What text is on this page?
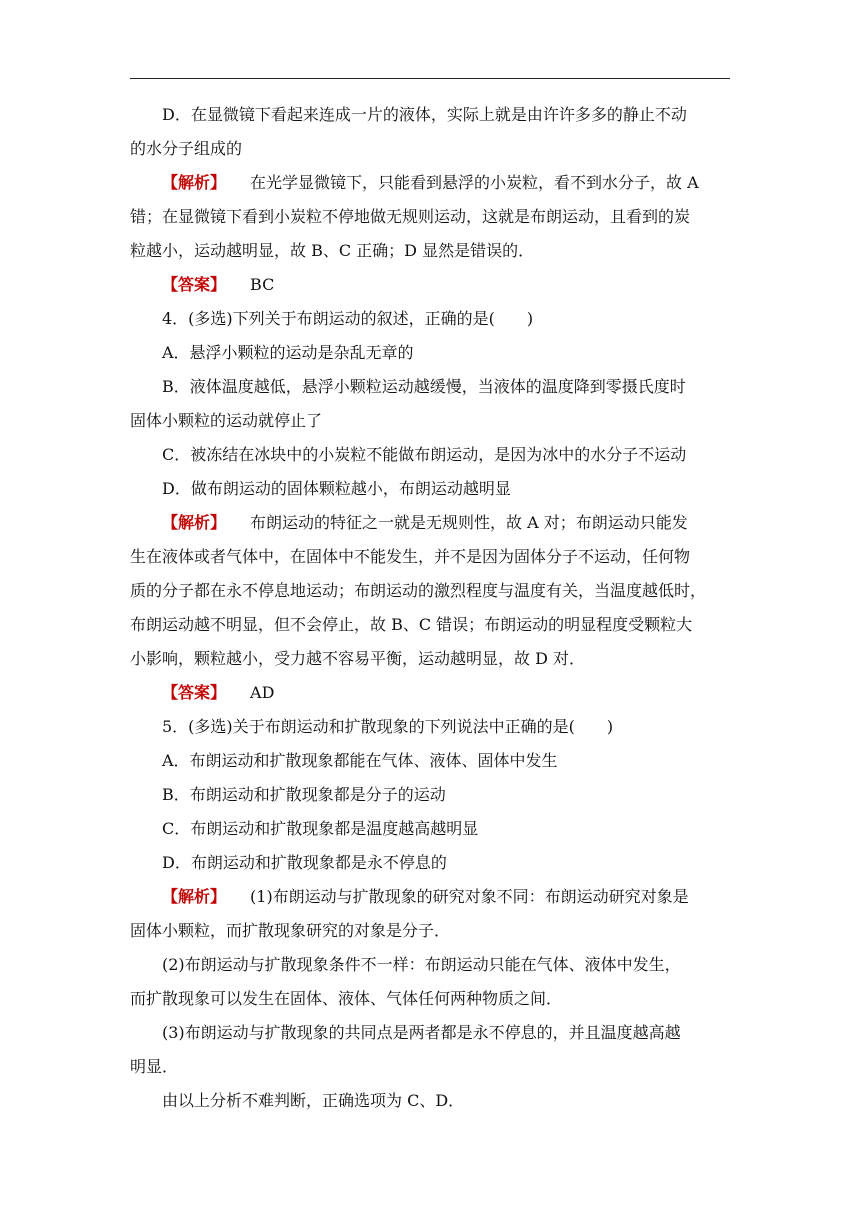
D．在显微镜下看起来连成一片的液体，实际上就是由许许多多的静止不动
的水分子组成的

【解析】 在光学显微镜下，只能看到悬浮的小炭粒，看不到水分子，故 A
错；在显微镜下看到小炭粒不停地做无规则运动，这就是布朗运动，且看到的炭
粒越小，运动越明显，故 B、C 正确；D 显然是错误的．

【答案】 BC

4．(多选)下列关于布朗运动的叙述，正确的是(　　)

A．悬浮小颗粒的运动是杂乱无章的

B．液体温度越低，悬浮小颗粒运动越缓慢，当液体的温度降到零摄氏度时
固体小颗粒的运动就停止了

C．被冻结在冰块中的小炭粒不能做布朗运动，是因为冰中的水分子不运动

D．做布朗运动的固体颗粒越小，布朗运动越明显

【解析】 布朗运动的特征之一就是无规则性，故 A 对；布朗运动只能发
生在液体或者气体中，在固体中不能发生，并不是因为固体分子不运动，任何物
质的分子都在永不停息地运动；布朗运动的激烈程度与温度有关，当温度越低时，
布朗运动越不明显，但不会停止，故 B、C 错误；布朗运动的明显程度受颗粒大
小影响，颗粒越小，受力越不容易平衡，运动越明显，故 D 对．

【答案】 AD

5．(多选)关于布朗运动和扩散现象的下列说法中正确的是(　　)

A．布朗运动和扩散现象都能在气体、液体、固体中发生

B．布朗运动和扩散现象都是分子的运动

C．布朗运动和扩散现象都是温度越高越明显

D．布朗运动和扩散现象都是永不停息的

【解析】 (1)布朗运动与扩散现象的研究对象不同：布朗运动研究对象是
固体小颗粒，而扩散现象研究的对象是分子．

(2)布朗运动与扩散现象条件不一样：布朗运动只能在气体、液体中发生，
而扩散现象可以发生在固体、液体、气体任何两种物质之间．

(3)布朗运动与扩散现象的共同点是两者都是永不停息的，并且温度越高越
明显．

由以上分析不难判断，正确选项为 C、D．
